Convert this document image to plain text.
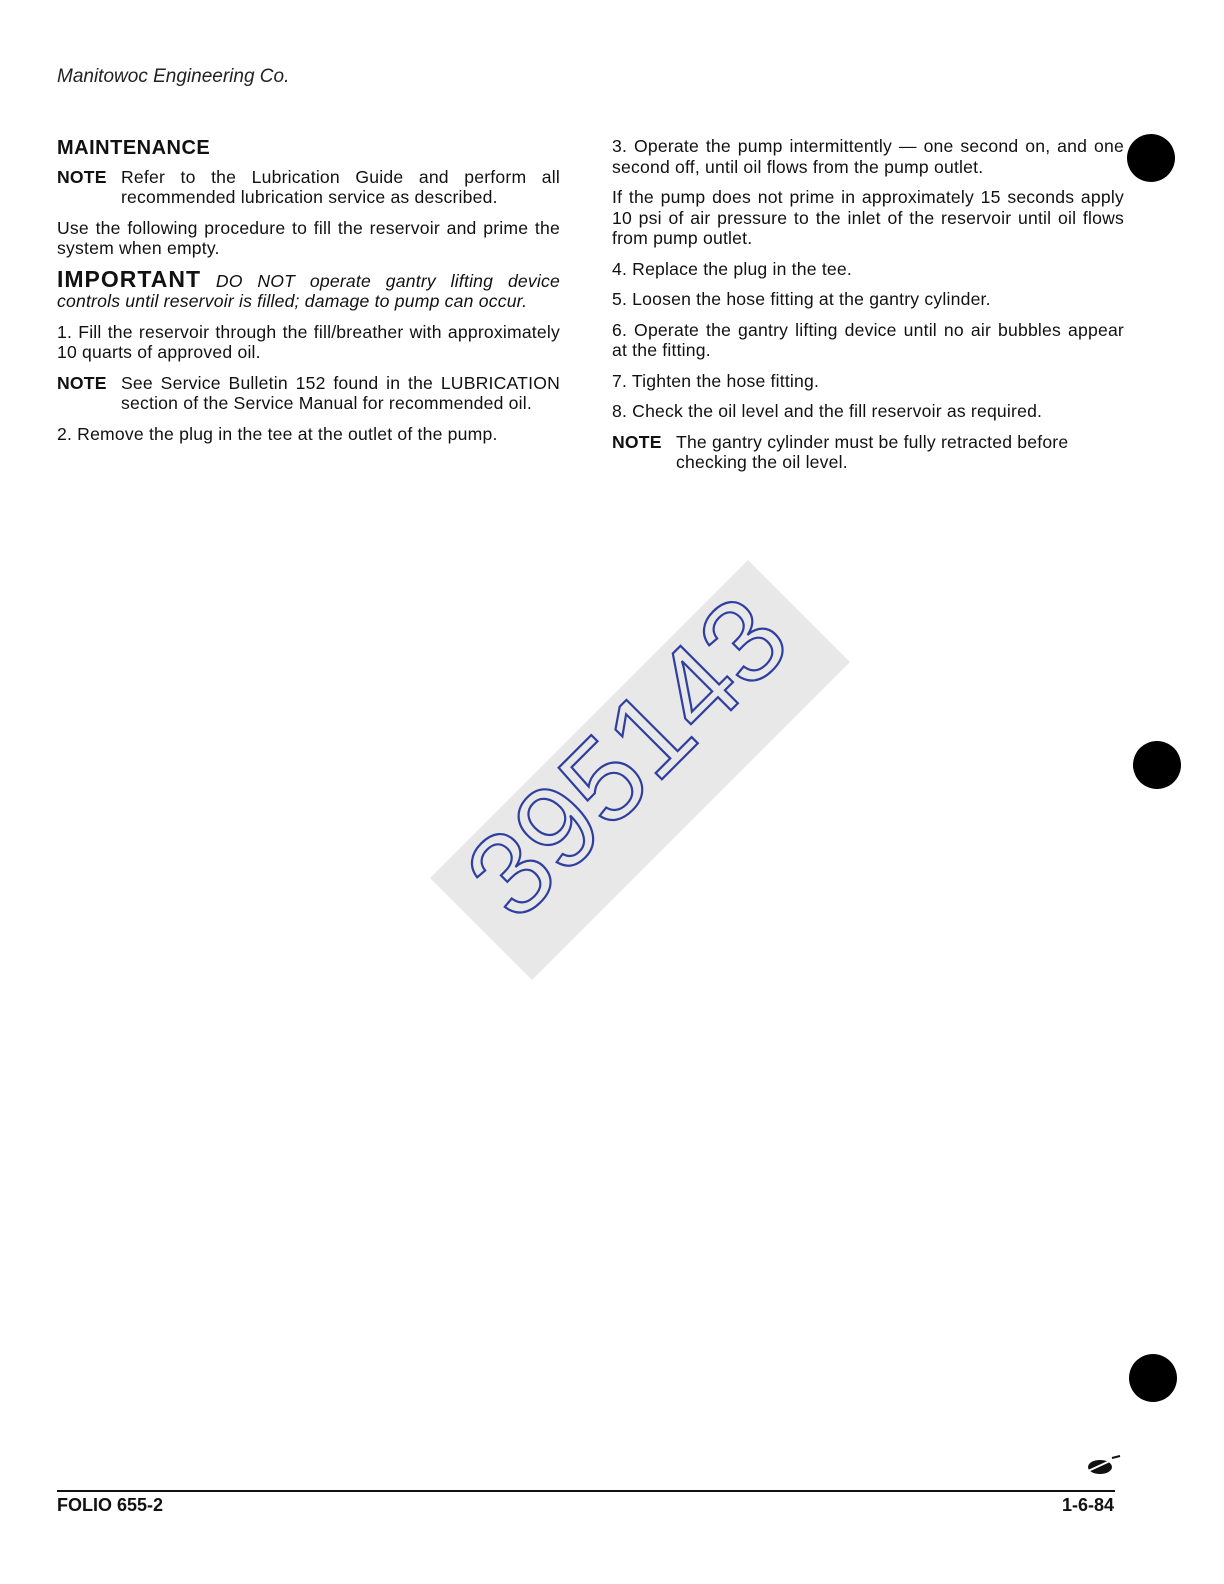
Manitowoc Engineering Co.
MAINTENANCE
NOTE Refer to the Lubrication Guide and perform all recommended lubrication service as described.

Use the following procedure to fill the reservoir and prime the system when empty.

IMPORTANT DO NOT operate gantry lifting device controls until reservoir is filled; damage to pump can occur.

1. Fill the reservoir through the fill/breather with approximately 10 quarts of approved oil.

NOTE See Service Bulletin 152 found in the LUBRICATION section of the Service Manual for recommended oil.

2. Remove the plug in the tee at the outlet of the pump.

3. Operate the pump intermittently — one second on, and one second off, until oil flows from the pump outlet.

If the pump does not prime in approximately 15 seconds apply 10 psi of air pressure to the inlet of the reservoir until oil flows from pump outlet.

4. Replace the plug in the tee.

5. Loosen the hose fitting at the gantry cylinder.

6. Operate the gantry lifting device until no air bubbles appear at the fitting.

7. Tighten the hose fitting.

8. Check the oil level and the fill reservoir as required.

NOTE The gantry cylinder must be fully retracted before checking the oil level.
395143
FOLIO 655-2	1-6-84
